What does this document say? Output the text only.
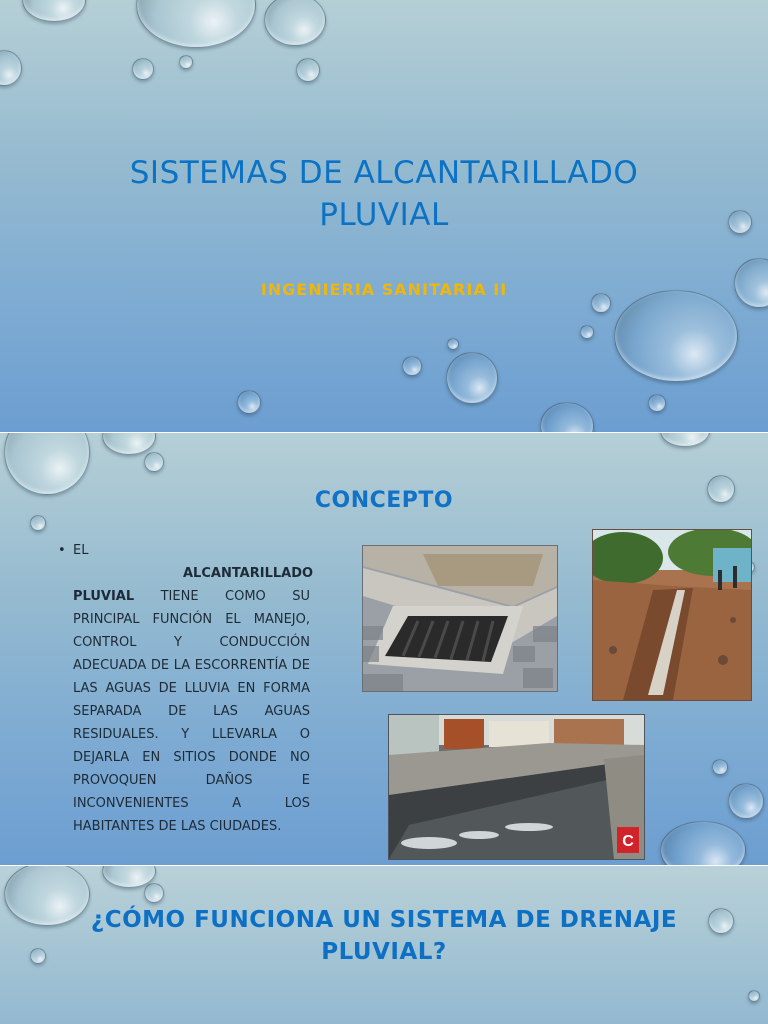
SISTEMAS DE ALCANTARILLADO
PLUVIAL
INGENIERIA SANITARIA II
CONCEPTO
• EL ALCANTARILLADO PLUVIAL TIENE COMO SU PRINCIPAL FUNCIÓN EL MANEJO, CONTROL Y CONDUCCIÓN ADECUADA DE LA ESCORRENTÍA DE LAS AGUAS DE LLUVIA EN FORMA SEPARADA DE LAS AGUAS RESIDUALES. Y LLEVARLA O DEJARLA EN SITIOS DONDE NO PROVOQUEN DAÑOS E INCONVENIENTES A LOS HABITANTES DE LAS CIUDADES.
C
¿CÓMO FUNCIONA UN SISTEMA DE DRENAJE
PLUVIAL?
